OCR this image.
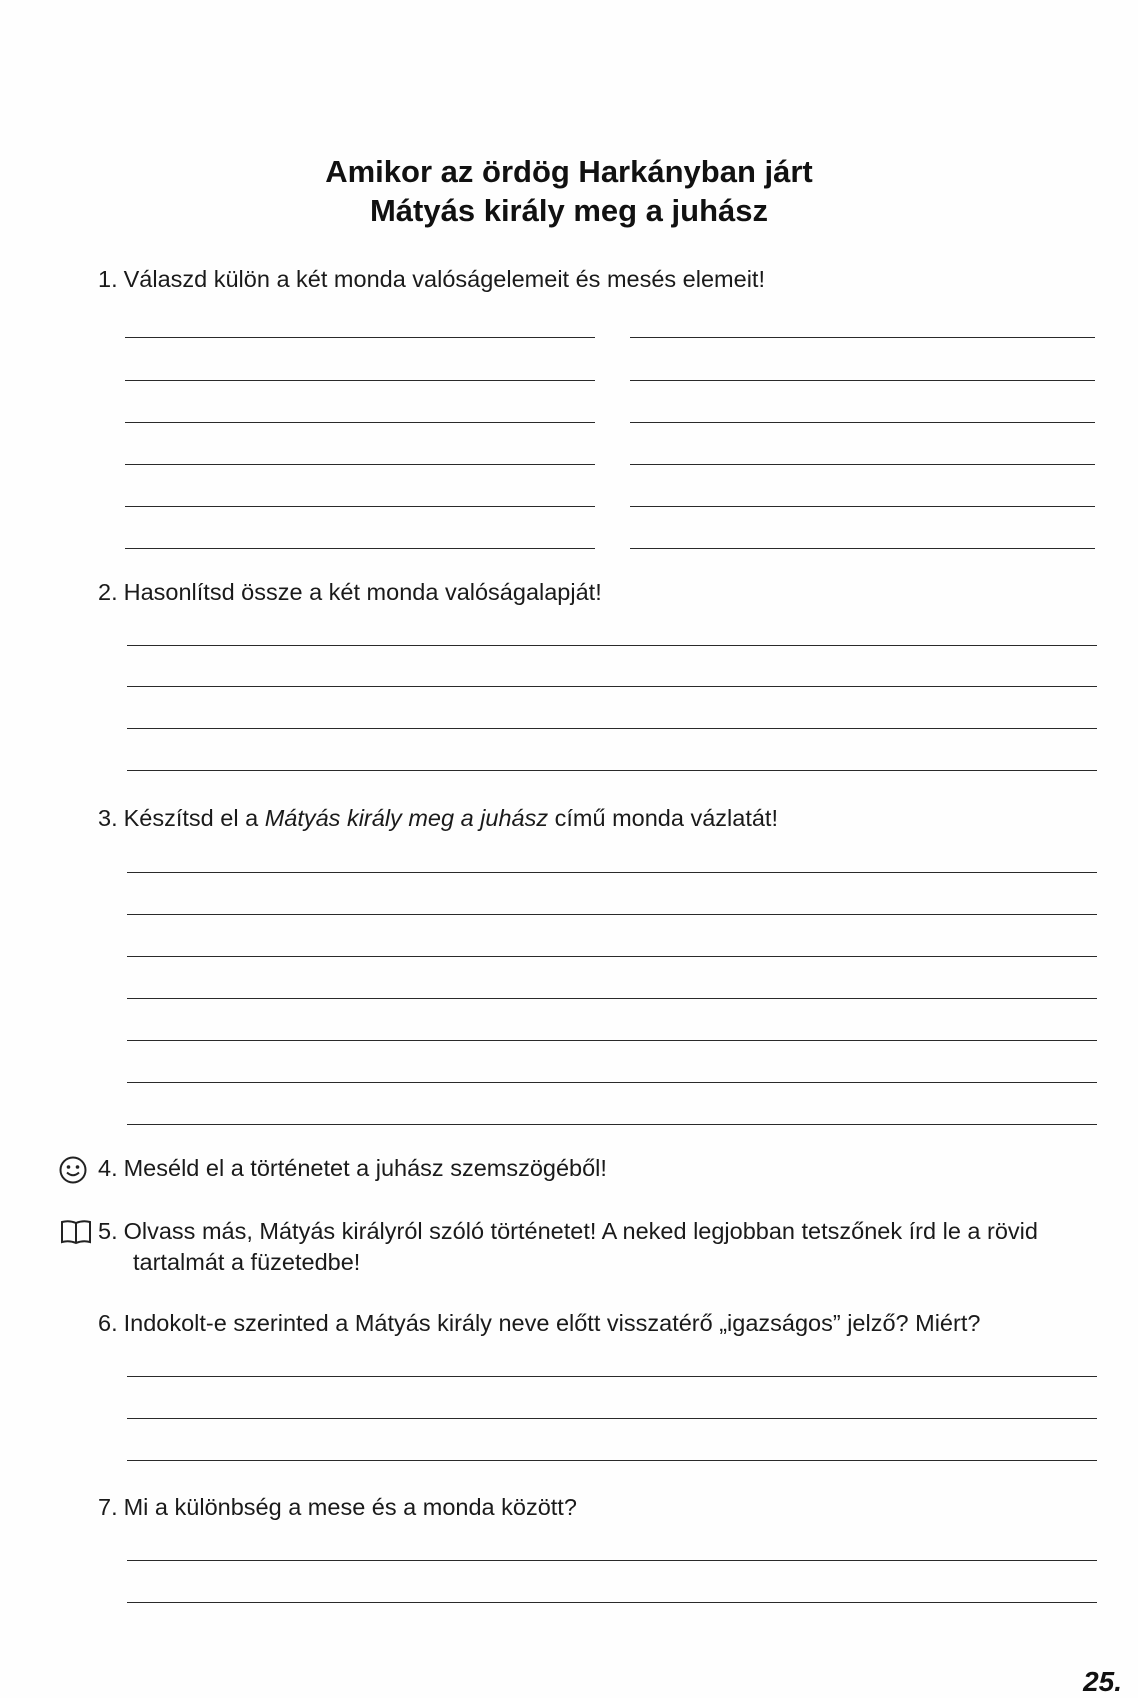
Amikor az ördög Harkányban járt
Mátyás király meg a juhász
1. Válaszd külön a két monda valóságelemeit és mesés elemeit!
2. Hasonlítsd össze a két monda valóságalapját!
3. Készítsd el a Mátyás király meg a juhász című monda vázlatát!
4. Meséld el a történetet a juhász szemszögéből!
5. Olvass más, Mátyás királyról szóló történetet! A neked legjobban tetszőnek írd le a rövid
tartalmát a füzetedbe!
6. Indokolt-e szerinted a Mátyás király neve előtt visszatérő „igazságos” jelző? Miért?
7. Mi a különbség a mese és a monda között?
25.
